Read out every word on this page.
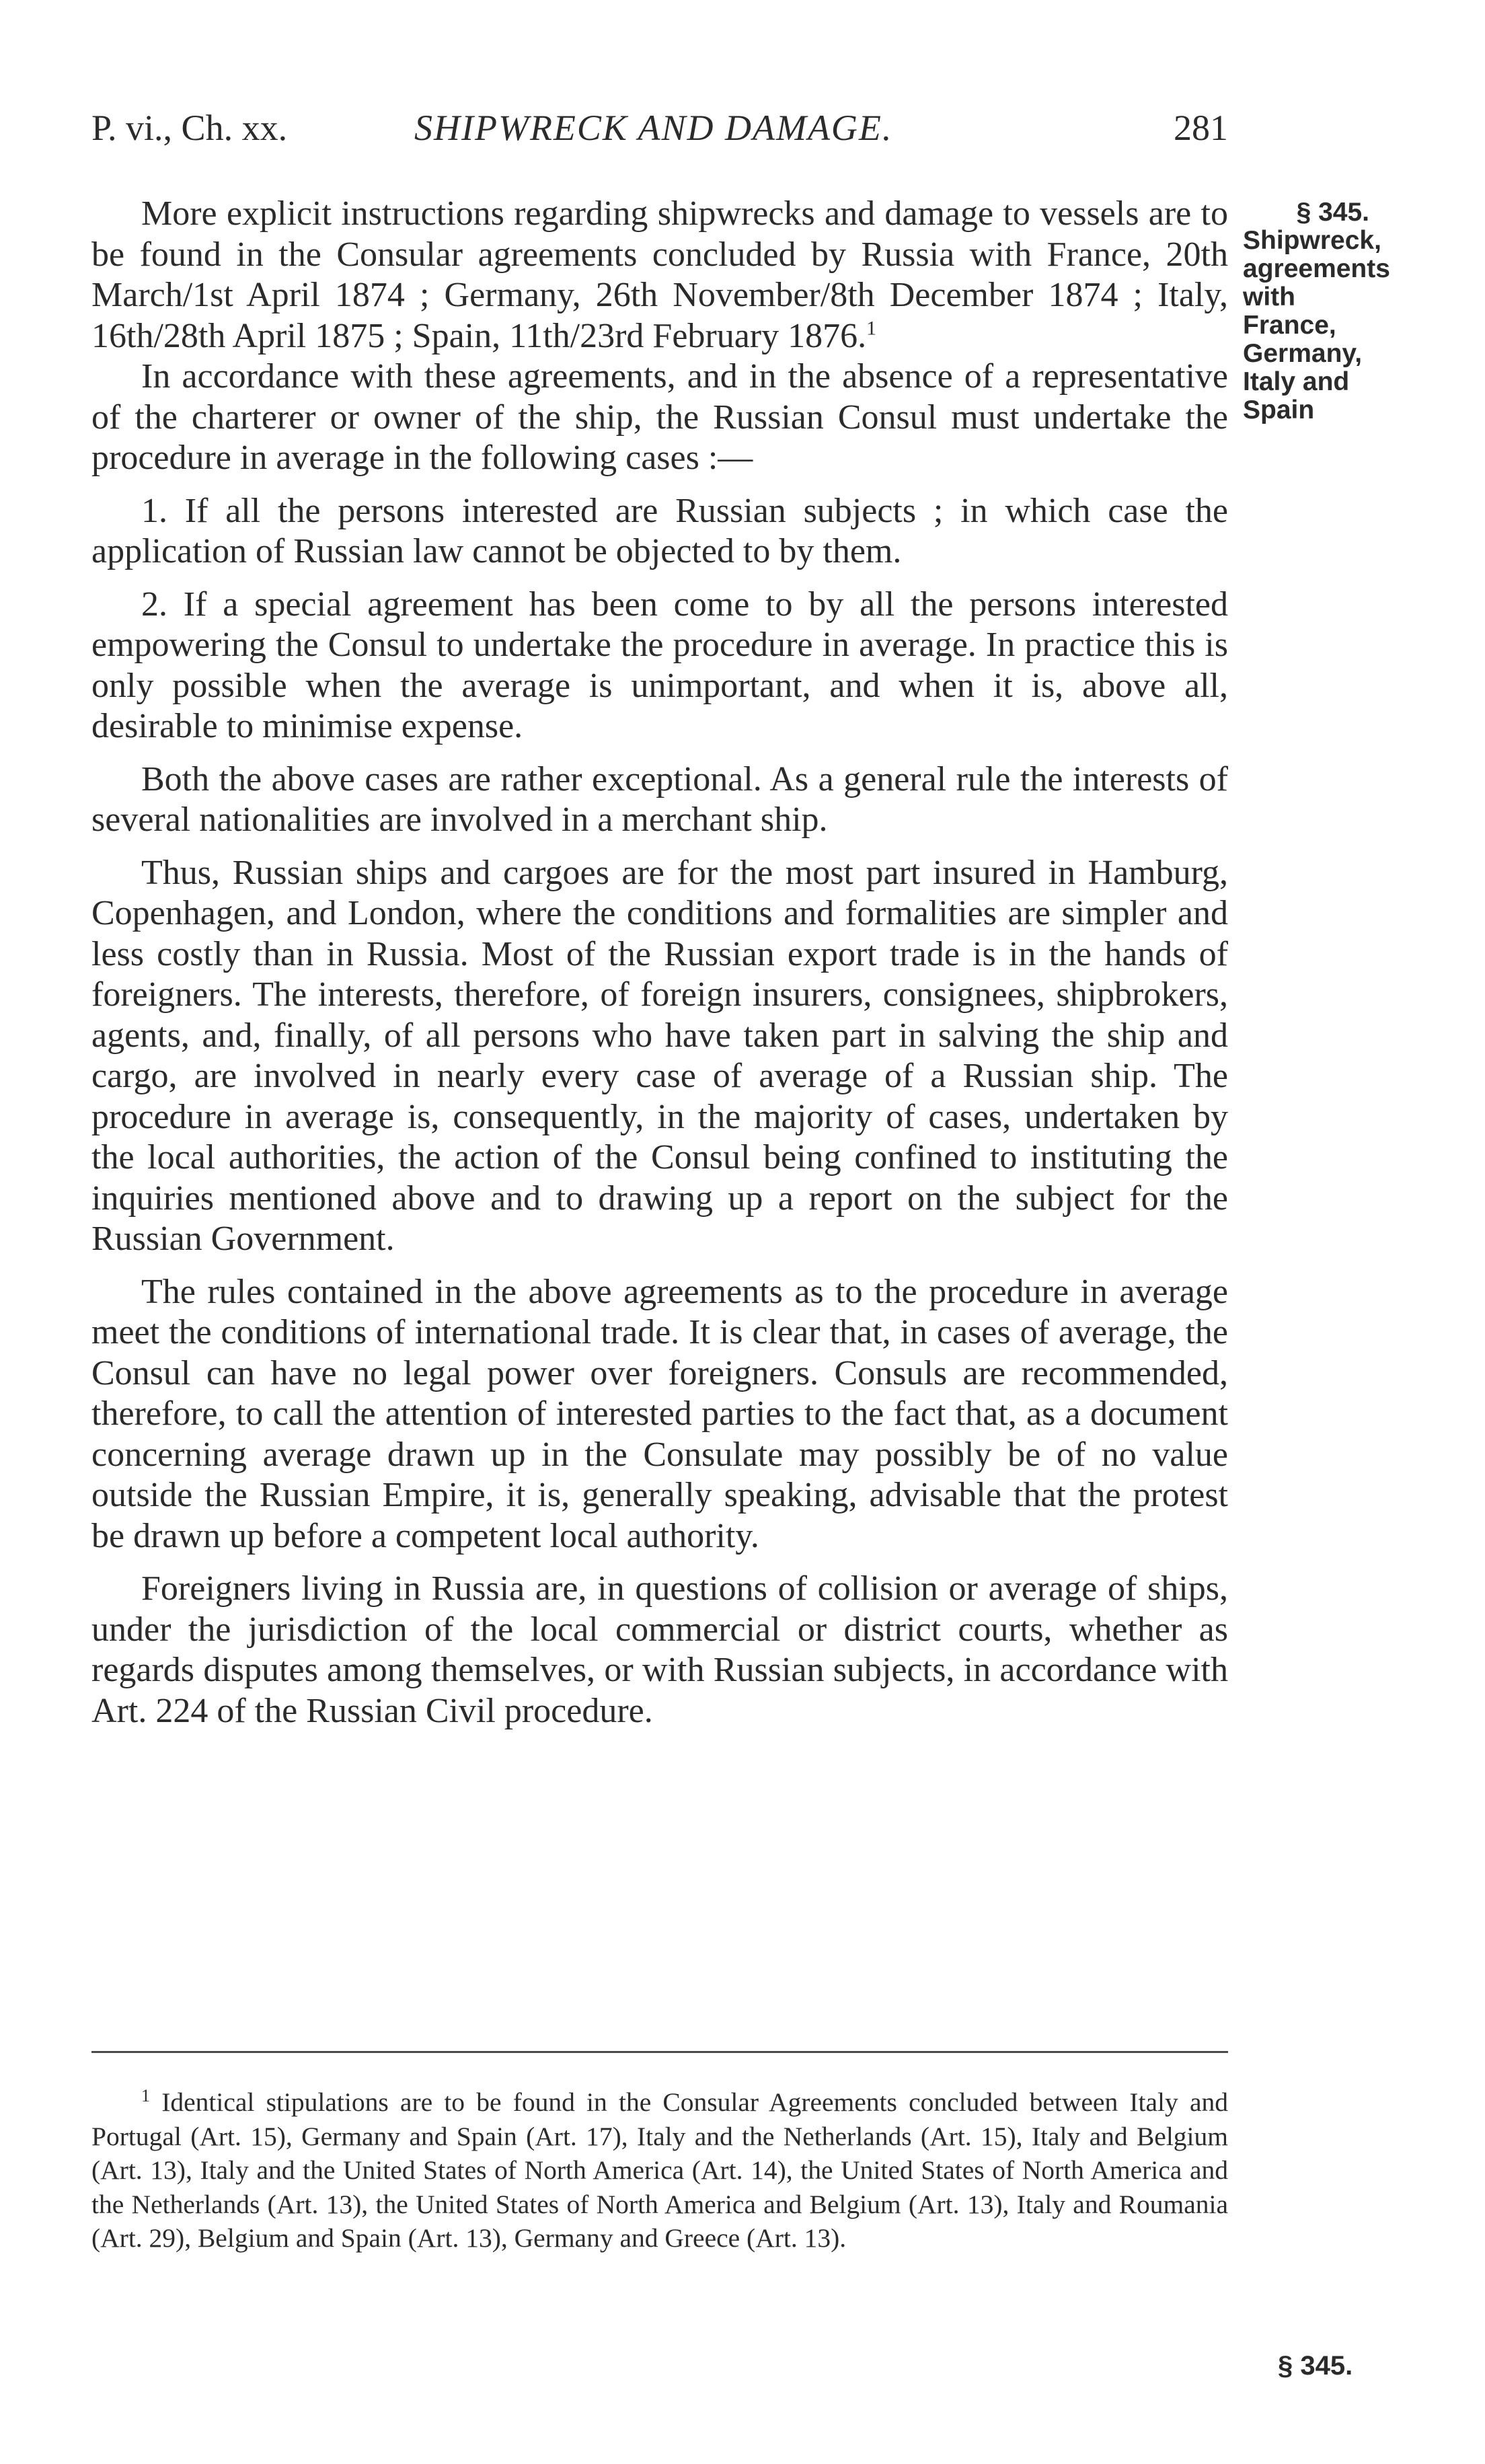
P. vi., Ch. xx.	SHIPWRECK AND DAMAGE.	281

More explicit instructions regarding shipwrecks and damage to vessels are to be found in the Consular agreements concluded by Russia with France, 20th March/1st April 1874 ; Germany, 26th November/8th December 1874 ; Italy, 16th/28th April 1875 ; Spain, 11th/23rd February 1876.$^1$

In accordance with these agreements, and in the absence of a representative of the charterer or owner of the ship, the Russian Consul must undertake the procedure in average in the following cases :—

1. If all the persons interested are Russian subjects ; in which case the application of Russian law cannot be objected to by them.

2. If a special agreement has been come to by all the persons interested empowering the Consul to undertake the procedure in average. In practice this is only possible when the average is unimportant, and when it is, above all, desirable to minimise expense.

Both the above cases are rather exceptional. As a general rule the interests of several nationalities are involved in a merchant ship.

Thus, Russian ships and cargoes are for the most part insured in Hamburg, Copenhagen, and London, where the conditions and formalities are simpler and less costly than in Russia. Most of the Russian export trade is in the hands of foreigners. The interests, therefore, of foreign insurers, consignees, shipbrokers, agents, and, finally, of all persons who have taken part in salving the ship and cargo, are involved in nearly every case of average of a Russian ship. The procedure in average is, consequently, in the majority of cases, undertaken by the local authorities, the action of the Consul being confined to instituting the inquiries mentioned above and to drawing up a report on the subject for the Russian Government.

The rules contained in the above agreements as to the procedure in average meet the conditions of international trade. It is clear that, in cases of average, the Consul can have no legal power over foreigners. Consuls are recommended, therefore, to call the attention of interested parties to the fact that, as a document concerning average drawn up in the Consulate may possibly be of no value outside the Russian Empire, it is, generally speaking, advisable that the protest be drawn up before a competent local authority.

Foreigners living in Russia are, in questions of collision or average of ships, under the jurisdiction of the local commercial or district courts, whether as regards disputes among themselves, or with Russian subjects, in accordance with Art. 224 of the Russian Civil procedure.

§ 345.
Shipwreck,
agreements
with
France,
Germany,
Italy and
Spain

$^1$ Identical stipulations are to be found in the Consular Agreements concluded between Italy and Portugal (Art. 15), Germany and Spain (Art. 17), Italy and the Netherlands (Art. 15), Italy and Belgium (Art. 13), Italy and the United States of North America (Art. 14), the United States of North America and the Netherlands (Art. 13), the United States of North America and Belgium (Art. 13), Italy and Roumania (Art. 29), Belgium and Spain (Art. 13), Germany and Greece (Art. 13).

§ 345.
